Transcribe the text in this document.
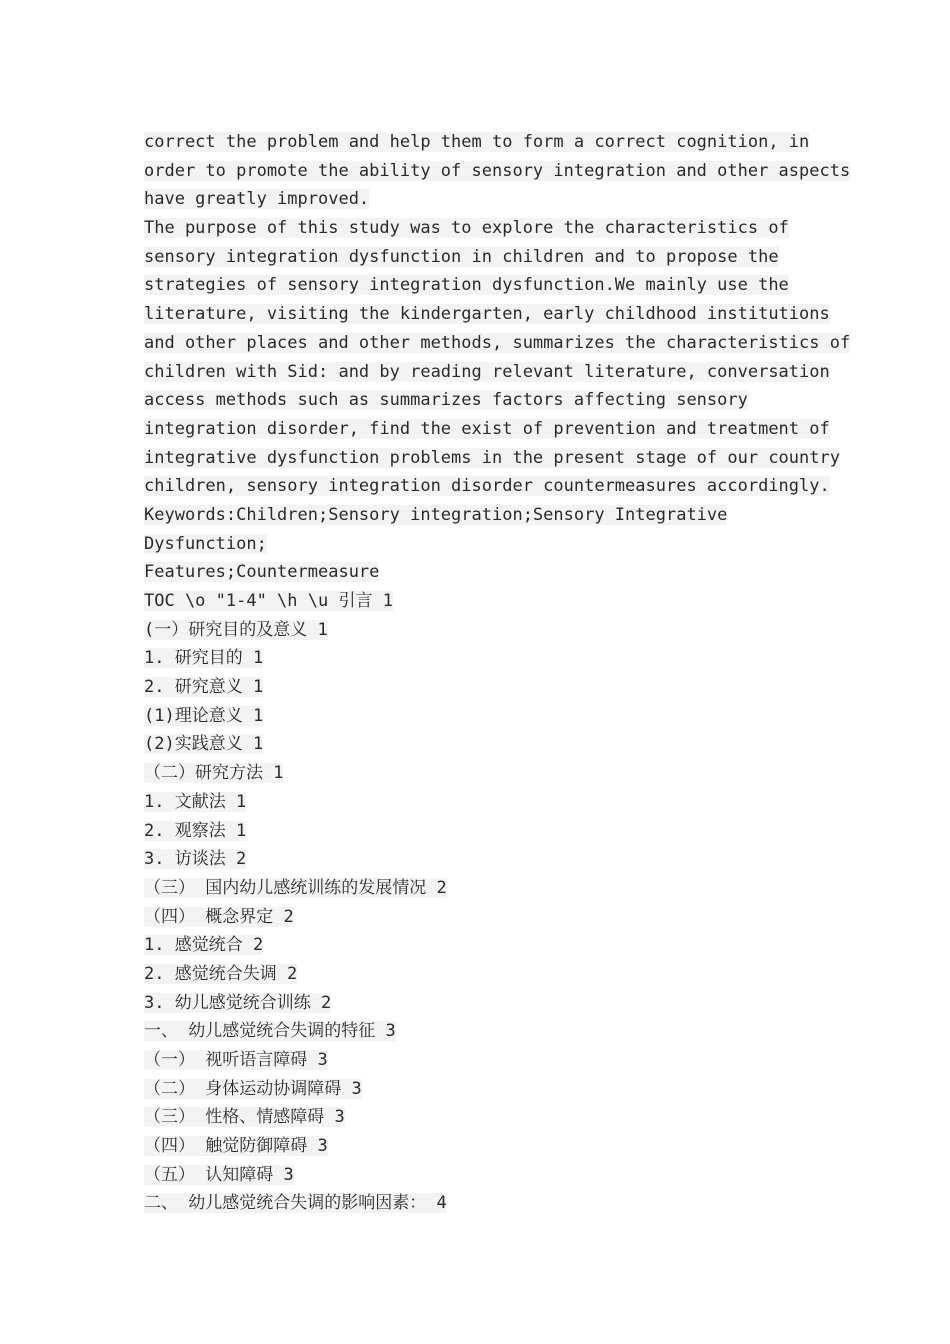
correct the problem and help them to form a correct cognition, in
order to promote the ability of sensory integration and other aspects
have greatly improved.
The purpose of this study was to explore the characteristics of
sensory integration dysfunction in children and to propose the
strategies of sensory integration dysfunction.We mainly use the
literature, visiting the kindergarten, early childhood institutions
and other places and other methods, summarizes the characteristics of
children with Sid: and by reading relevant literature, conversation
access methods such as summarizes factors affecting sensory
integration disorder, find the exist of prevention and treatment of
integrative dysfunction problems in the present stage of our country
children, sensory integration disorder countermeasures accordingly.
Keywords:Children;Sensory integration;Sensory Integrative
Dysfunction;
Features;Countermeasure
TOC \o "1-4" \h \u 引言 1
(一）研究目的及意义 1
1. 研究目的 1
2. 研究意义 1
(1)理论意义 1
(2)实践意义 1
（二）研究方法 1
1. 文献法 1
2. 观察法 1
3. 访谈法 2
（三） 国内幼儿感统训练的发展情况 2
（四） 概念界定 2
1. 感觉统合 2
2. 感觉统合失调 2
3. 幼儿感觉统合训练 2
一、 幼儿感觉统合失调的特征 3
（一） 视听语言障碍 3
（二） 身体运动协调障碍 3
（三） 性格、情感障碍 3
（四） 触觉防御障碍 3
（五） 认知障碍 3
二、 幼儿感觉统合失调的影响因素： 4
